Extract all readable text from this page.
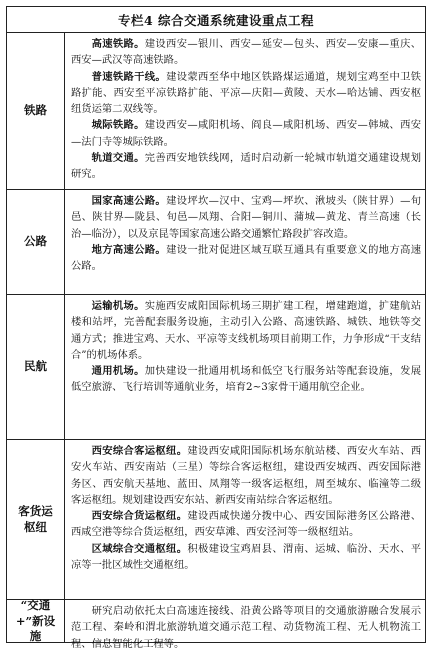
专栏4 综合交通系统建设重点工程
铁路

高速铁路。建设西安—银川、西安—延安—包头、西安—安康—重庆、西安—武汉等高速铁路。

普速铁路干线。建设蒙西至华中地区铁路煤运通道，规划宝鸡至中卫铁路扩能、西安至平凉铁路扩能、平凉—庆阳—黄陵、天水—哈达铺、西安枢纽货运第二双线等。

城际铁路。建设西安—咸阳机场、阎良—咸阳机场、西安—韩城、西安—法门寺等城际铁路。

轨道交通。完善西安地铁线网，适时启动新一轮城市轨道交通建设规划研究。

公路

国家高速公路。建设坪坎—汉中、宝鸡—坪坎、湫坡头（陕甘界）—旬邑、陕甘界—陇县、旬邑—凤翔、合阳—铜川、蒲城—黄龙、青兰高速（长治—临汾），以及京昆等国家高速公路交通繁忙路段扩容改造。

地方高速公路。建设一批对促进区域互联互通具有重要意义的地方高速公路。

民航

运输机场。实施西安咸阳国际机场三期扩建工程，增建跑道，扩建航站楼和站坪，完善配套服务设施，主动引入公路、高速铁路、城铁、地铁等交通方式；推进宝鸡、天水、平凉等支线机场项目前期工作，力争形成“干支结合”的机场体系。

通用机场。加快建设一批通用机场和低空飞行服务站等配套设施，发展低空旅游、飞行培训等通航业务，培育2~3家骨干通用航空企业。

客货运
枢纽

西安综合客运枢纽。建设西安咸阳国际机场东航站楼、西安火车站、西安火车站、西安南站（三星）等综合客运枢纽，建设西安城西、西安国际港务区、西安航天基地、蓝田、凤翔等一级客运枢纽，周至城东、临潼等二级客运枢纽。规划建设西安东站、新西安南站综合客运枢纽。

西安综合货运枢纽。建设西咸快递分拨中心、西安国际港务区公路港、西咸空港等综合货运枢纽，西安草滩、西安泾河等一级枢纽站。

区域综合交通枢纽。积极建设宝鸡眉县、渭南、运城、临汾、天水、平凉等一批区域性交通枢纽。

“交通
+”新设
施

研究启动依托太白高速连接线、沿黄公路等项目的交通旅游融合发展示范工程、秦岭和渭北旅游轨道交通示范工程、动货物流工程、无人机物流工程、信息智能化工程等。
